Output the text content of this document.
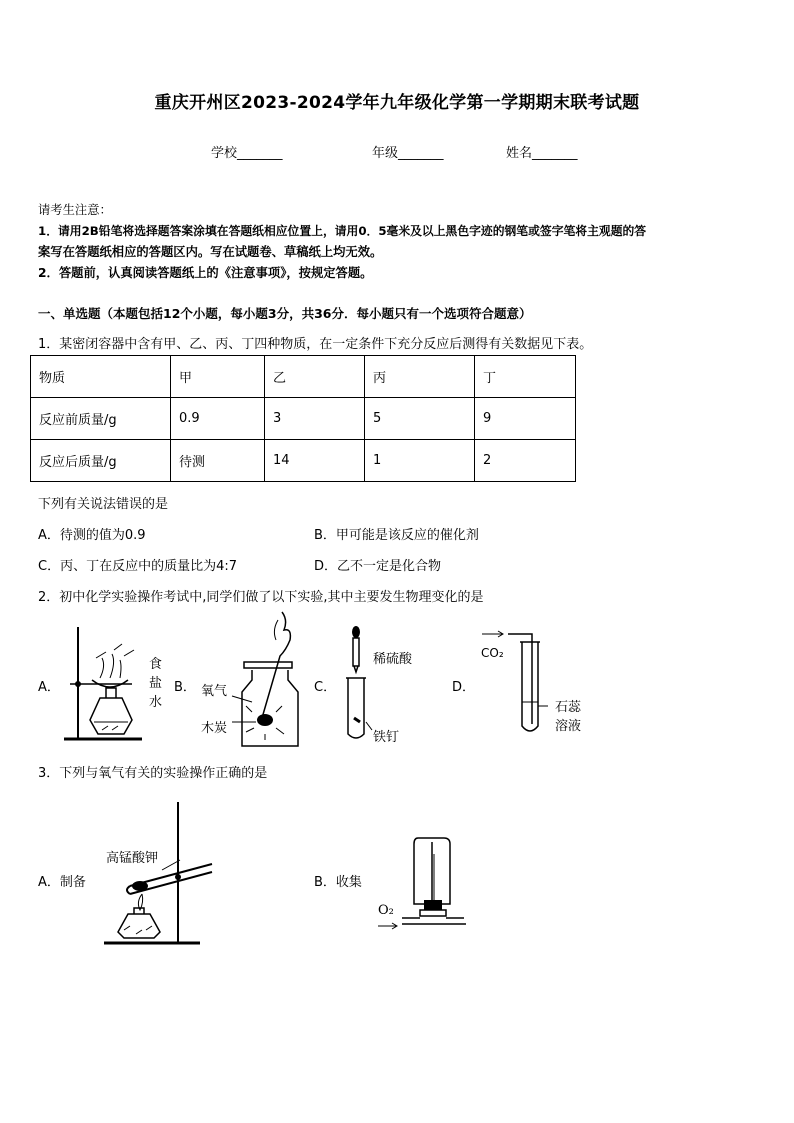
重庆开州区2023-2024学年九年级化学第一学期期末联考试题
学校_______	年级_______	姓名_______
请考生注意：
1．请用2B铅笔将选择题答案涂填在答题纸相应位置上，请用0．5毫米及以上黑色字迹的钢笔或签字笔将主观题的答
案写在答题纸相应的答题区内。写在试题卷、草稿纸上均无效。
2．答题前，认真阅读答题纸上的《注意事项》，按规定答题。
一、单选题（本题包括12个小题，每小题3分，共36分．每小题只有一个选项符合题意）
1．某密闭容器中含有甲、乙、丙、丁四种物质，在一定条件下充分反应后测得有关数据见下表。
物质	甲	乙	丙	丁
反应前质量/g	0.9	3	5	9
反应后质量/g	待测	14	1	2
下列有关说法错误的是
A．待测的值为0.9	B．甲可能是该反应的催化剂
C．丙、丁在反应中的质量比为4:7	D．乙不一定是化合物
2．初中化学实验操作考试中,同学们做了以下实验,其中主要发生物理变化的是
A．	B．	C．	D．
食
盐
水
氧气
木炭
稀硫酸
铁钉
CO₂
石蕊
溶液
3．下列与氧气有关的实验操作正确的是
A．制备	B．收集
高锰酸钾
O₂
